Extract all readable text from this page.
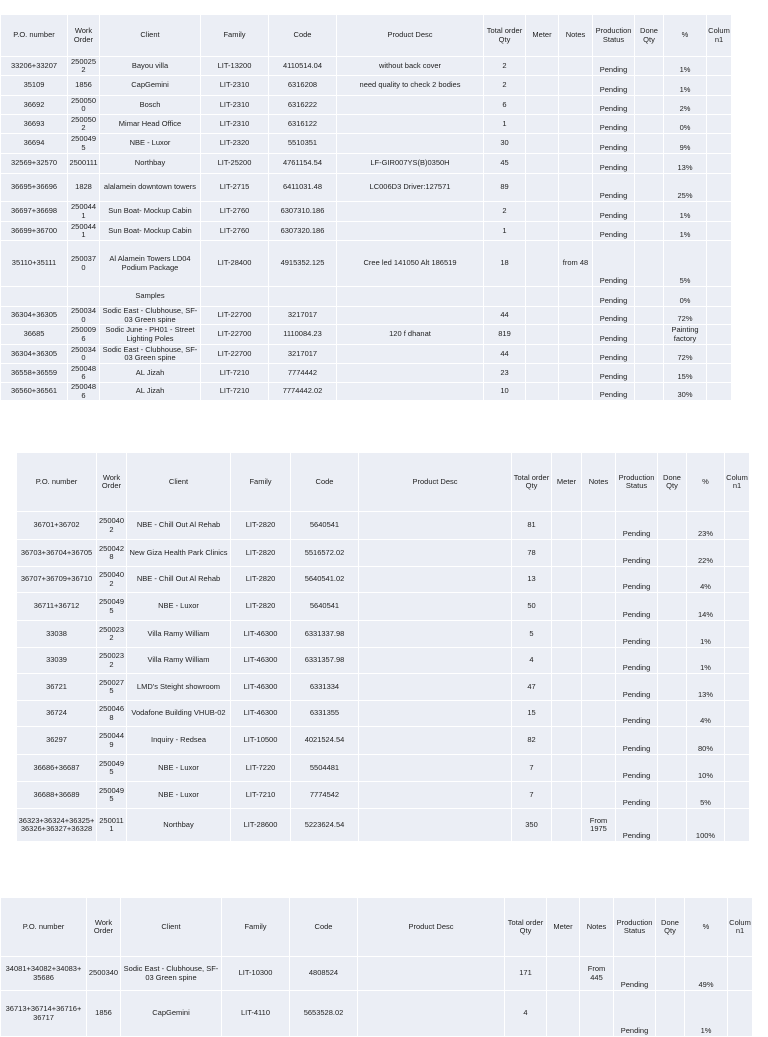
P.O. number	Work Order	Client	Family	Code	Product Desc	Total order Qty	Meter	Notes	Production Status	Done Qty	%	Column1
33206+33207	2500252	Bayou villa	LIT-13200	4110514.04	without back cover	2			Pending		1%	
35109	1856	CapGemini	LIT-2310	6316208	need quality to check 2 bodies	2			Pending		1%	
36692	2500500	Bosch	LIT-2310	6316222		6			Pending		2%	
36693	2500502	Mimar Head Office	LIT-2310	6316122		1			Pending		0%	
36694	2500495	NBE - Luxor	LIT-2320	5510351		30			Pending		9%	
32569+32570	2500111	Northbay	LIT-25200	4761154.54	LF-GIR007YS(B)0350H	45			Pending		13%	
36695+36696	1828	alalamein downtown towers	LIT-2715	6411031.48	LC006D3 Driver:127571	89			Pending		25%	
36697+36698	2500441	Sun Boat- Mockup Cabin	LIT-2760	6307310.186		2			Pending		1%	
36699+36700	2500441	Sun Boat- Mockup Cabin	LIT-2760	6307320.186		1			Pending		1%	
35110+35111	2500370	Al Alamein Towers LD04 Podium Package	LIT-28400	4915352.125	Cree led 141050 Alt 186519	18		from 48	Pending		5%	
		Samples							Pending		0%	
36304+36305	2500340	Sodic East - Clubhouse, SF-03 Green spine	LIT-22700	3217017		44			Pending		72%	
36685	2500096	Sodic June - PH01 - Street Lighting Poles	LIT-22700	1110084.23	120 f dhanat	819			Pending		Painting factory	
36304+36305	2500340	Sodic East - Clubhouse, SF-03 Green spine	LIT-22700	3217017		44			Pending		72%	
36558+36559	2500486	AL Jizah	LIT-7210	7774442		23			Pending		15%	
36560+36561	2500486	AL Jizah	LIT-7210	7774442.02		10			Pending		30%	
P.O. number	Work Order	Client	Family	Code	Product Desc	Total order Qty	Meter	Notes	Production Status	Done Qty	%	Column1
36701+36702	2500402	NBE - Chill Out Al Rehab	LIT-2820	5640541		81			Pending		23%	
36703+36704+36705	2500428	New Giza Health Park Clinics	LIT-2820	5516572.02		78			Pending		22%	
36707+36709+36710	2500402	NBE - Chill Out Al Rehab	LIT-2820	5640541.02		13			Pending		4%	
36711+36712	2500495	NBE - Luxor	LIT-2820	5640541		50			Pending		14%	
33038	2500232	Villa Ramy William	LIT-46300	6331337.98		5			Pending		1%	
33039	2500232	Villa Ramy William	LIT-46300	6331357.98		4			Pending		1%	
36721	2500275	LMD's Steight showroom	LIT-46300	6331334		47			Pending		13%	
36724	2500468	Vodafone Building VHUB-02	LIT-46300	6331355		15			Pending		4%	
36297	2500449	Inquiry - Redsea	LIT-10500	4021524.54		82			Pending		80%	
36686+36687	2500495	NBE - Luxor	LIT-7220	5504481		7			Pending		10%	
36688+36689	2500495	NBE - Luxor	LIT-7210	7774542		7			Pending		5%	
36323+36324+36325+ 36326+36327+36328	2500111	Northbay	LIT-28600	5223624.54		350		From 1975	Pending		100%	
P.O. number	Work Order	Client	Family	Code	Product Desc	Total order Qty	Meter	Notes	Production Status	Done Qty	%	Column1
34081+34082+34083+ 35686	2500340	Sodic East - Clubhouse, SF-03 Green spine	LIT-10300	4808524		171		From 445	Pending		49%	
36713+36714+36716+ 36717	1856	CapGemini	LIT-4110	5653528.02		4			Pending		1%	
